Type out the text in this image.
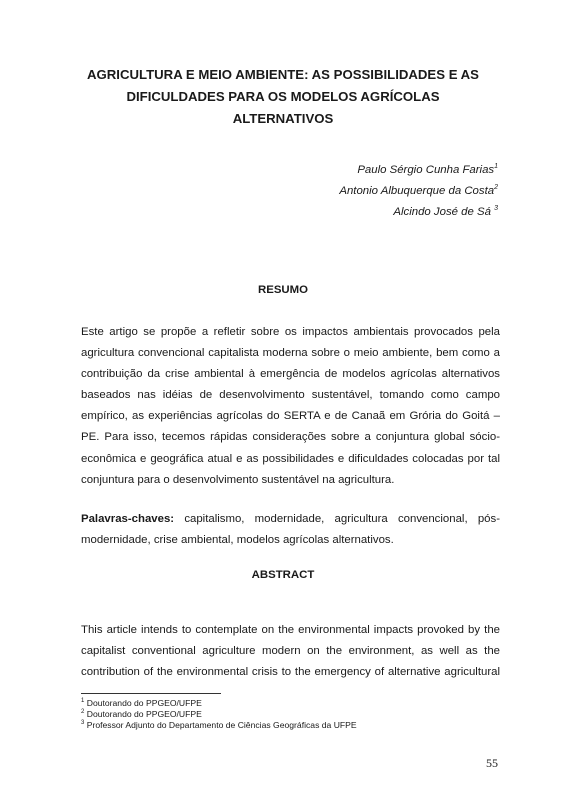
AGRICULTURA E MEIO AMBIENTE: AS POSSIBILIDADES E AS
DIFICULDADES PARA OS MODELOS AGRÍCOLAS
ALTERNATIVOS
Paulo Sérgio Cunha Farias$^1$
Antonio Albuquerque da Costa$^2$
Alcindo José de Sá $^3$
RESUMO

Este artigo se propõe a refletir sobre os impactos ambientais provocados pela
agricultura convencional capitalista moderna sobre o meio ambiente, bem como a
contribuição da crise ambiental à emergência de modelos agrícolas alternativos
baseados nas idéias de desenvolvimento sustentável, tomando como campo
empírico, as experiências agrícolas do SERTA e de Canaã em Grória do Goitá –
PE. Para isso, tecemos rápidas considerações sobre a conjuntura global sócio-
econômica e geográfica atual e as possibilidades e dificuldades colocadas por tal
conjuntura para o desenvolvimento sustentável na agricultura.

Palavras-chaves: capitalismo, modernidade, agricultura convencional, pós-
modernidade, crise ambiental, modelos agrícolas alternativos.

ABSTRACT

This article intends to contemplate on the environmental impacts provoked by the
capitalist conventional agriculture modern on the environment, as well as the
contribution of the environmental crisis to the emergency of alternative agricultural

$^1$ Doutorando do PPGEO/UFPE
$^2$ Doutorando do PPGEO/UFPE
$^3$ Professor Adjunto do Departamento de Ciências Geográficas da UFPE
55
